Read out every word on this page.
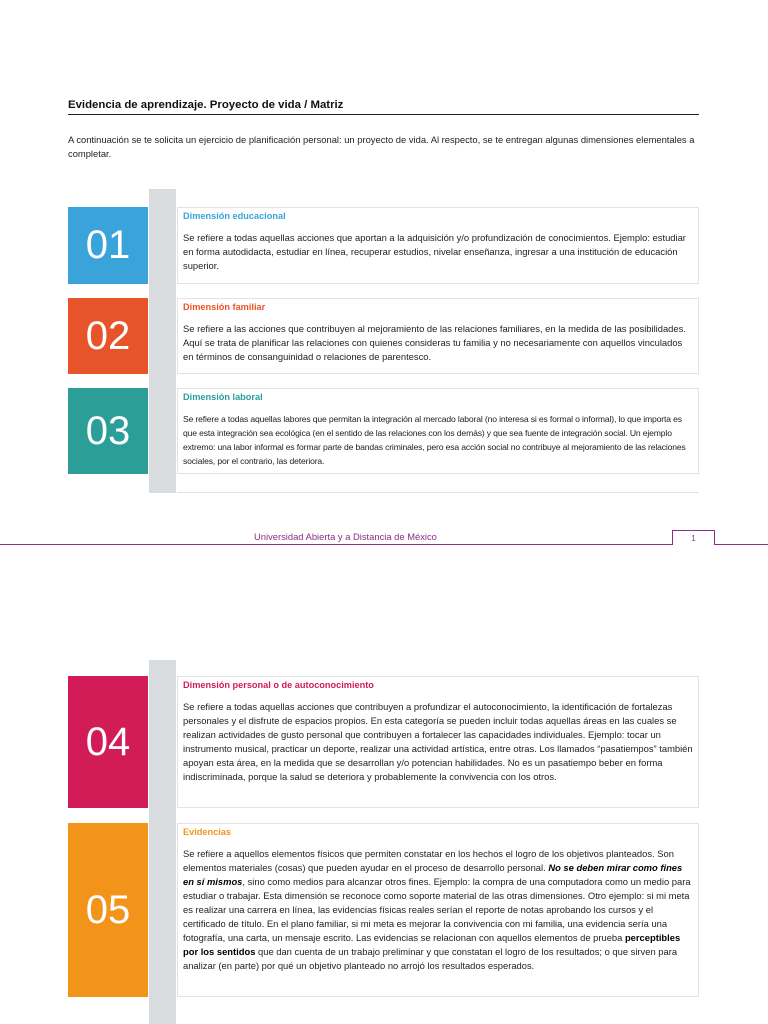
Evidencia de aprendizaje. Proyecto de vida / Matriz
A continuación se te solicita un ejercicio de planificación personal: un proyecto de vida. Al respecto, se te entregan algunas dimensiones elementales a completar.
01
Dimensión educacional
Se refiere a todas aquellas acciones que aportan a la adquisición y/o profundización de conocimientos. Ejemplo: estudiar en forma autodidacta, estudiar en línea, recuperar estudios, nivelar enseñanza, ingresar a una institución de educación superior.
02
Dimensión familiar
Se refiere a las acciones que contribuyen al mejoramiento de las relaciones familiares, en la medida de las posibilidades. Aquí se trata de planificar las relaciones con quienes consideras tu familia y no necesariamente con aquellos vinculados en términos de consanguinidad o relaciones de parentesco.
03
Dimensión laboral
Se refiere a todas aquellas labores que permitan la integración al mercado laboral (no interesa si es formal o informal), lo que importa es que esta integración sea ecológica (en el sentido de las relaciones con los demás) y que sea fuente de integración social. Un ejemplo extremo: una labor informal es formar parte de bandas criminales, pero esa acción social no contribuye al mejoramiento de las relaciones sociales, por el contrario, las deteriora.
Universidad Abierta y a Distancia de México	1
04
Dimensión personal o de autoconocimiento
Se refiere a todas aquellas acciones que contribuyen a profundizar el autoconocimiento, la identificación de fortalezas personales y el disfrute de espacios propios. En esta categoría se pueden incluir todas aquellas áreas en las cuales se realizan actividades de gusto personal que contribuyen a fortalecer las capacidades individuales. Ejemplo: tocar un instrumento musical, practicar un deporte, realizar una actividad artística, entre otras. Los llamados “pasatiempos” también apoyan esta área, en la medida que se desarrollan y/o potencian habilidades. No es un pasatiempo beber en forma indiscriminada, porque la salud se deteriora y probablemente la convivencia con los otros.
05
Evidencias
Se refiere a aquellos elementos físicos que permiten constatar en los hechos el logro de los objetivos planteados. Son elementos materiales (cosas) que pueden ayudar en el proceso de desarrollo personal. No se deben mirar como fines en sí mismos, sino como medios para alcanzar otros fines. Ejemplo: la compra de una computadora como un medio para estudiar o trabajar. Esta dimensión se reconoce como soporte material de las otras dimensiones. Otro ejemplo: si mi meta es realizar una carrera en línea, las evidencias físicas reales serían el reporte de notas aprobando los cursos y el certificado de título. En el plano familiar, si mi meta es mejorar la convivencia con mi familia, una evidencia sería una fotografía, una carta, un mensaje escrito. Las evidencias se relacionan con aquellos elementos de prueba perceptibles por los sentidos que dan cuenta de un trabajo preliminar y que constatan el logro de los resultados; o que sirven para analizar (en parte) por qué un objetivo planteado no arrojó los resultados esperados.
